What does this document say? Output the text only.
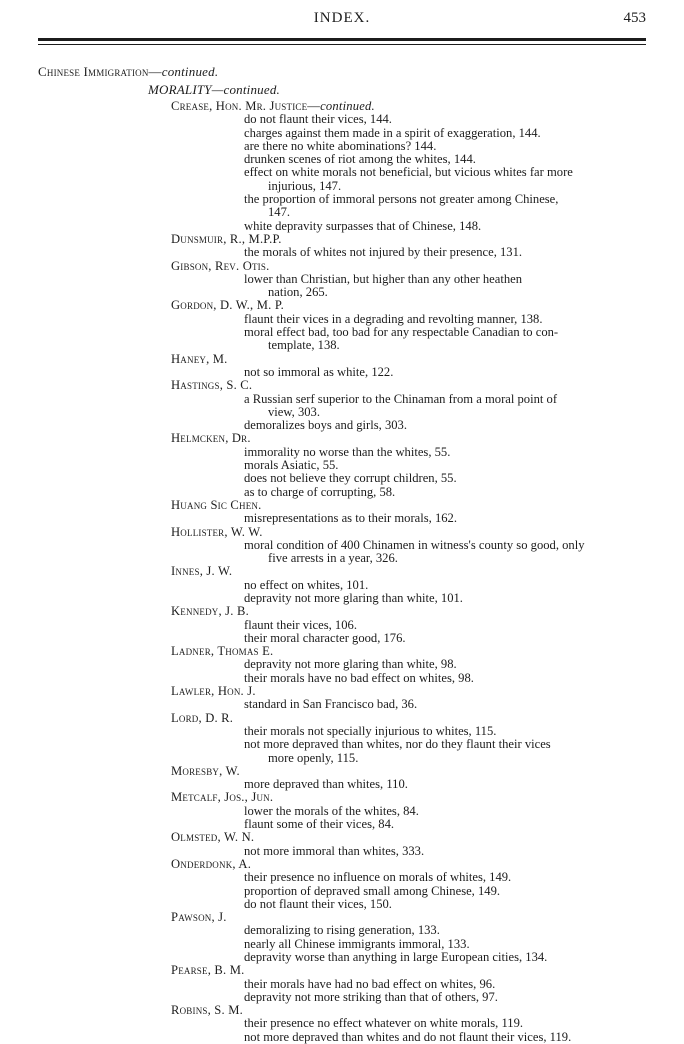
INDEX.	453
Chinese Immigration—continued.
MORALITY—continued.
Crease, Hon. Mr. Justice—continued.
do not flaunt their vices, 144.
charges against them made in a spirit of exaggeration, 144.
are there no white abominations? 144.
drunken scenes of riot among the whites, 144.
effect on white morals not beneficial, but vicious whites far more
injurious, 147.
the proportion of immoral persons not greater among Chinese,
147.
white depravity surpasses that of Chinese, 148.
Dunsmuir, R., M.P.P.
the morals of whites not injured by their presence, 131.
Gibson, Rev. Otis.
lower than Christian, but higher than any other heathen
nation, 265.
Gordon, D. W., M. P.
flaunt their vices in a degrading and revolting manner, 138.
moral effect bad, too bad for any respectable Canadian to con-
template, 138.
Haney, M.
not so immoral as white, 122.
Hastings, S. C.
a Russian serf superior to the Chinaman from a moral point of
view, 303.
demoralizes boys and girls, 303.
Helmcken, Dr.
immorality no worse than the whites, 55.
morals Asiatic, 55.
does not believe they corrupt children, 55.
as to charge of corrupting, 58.
Huang Sic Chen.
misrepresentations as to their morals, 162.
Hollister, W. W.
moral condition of 400 Chinamen in witness's county so good, only
five arrests in a year, 326.
Innes, J. W.
no effect on whites, 101.
depravity not more glaring than white, 101.
Kennedy, J. B.
flaunt their vices, 106.
their moral character good, 176.
Ladner, Thomas E.
depravity not more glaring than white, 98.
their morals have no bad effect on whites, 98.
Lawler, Hon. J.
standard in San Francisco bad, 36.
Lord, D. R.
their morals not specially injurious to whites, 115.
not more depraved than whites, nor do they flaunt their vices
more openly, 115.
Moresby, W.
more depraved than whites, 110.
Metcalf, Jos., Jun.
lower the morals of the whites, 84.
flaunt some of their vices, 84.
Olmsted, W. N.
not more immoral than whites, 333.
Onderdonk, A.
their presence no influence on morals of whites, 149.
proportion of depraved small among Chinese, 149.
do not flaunt their vices, 150.
Pawson, J.
demoralizing to rising generation, 133.
nearly all Chinese immigrants immoral, 133.
depravity worse than anything in large European cities, 134.
Pearse, B. M.
their morals have had no bad effect on whites, 96.
depravity not more striking than that of others, 97.
Robins, S. M.
their presence no effect whatever on white morals, 119.
not more depraved than whites and do not flaunt their vices, 119.
